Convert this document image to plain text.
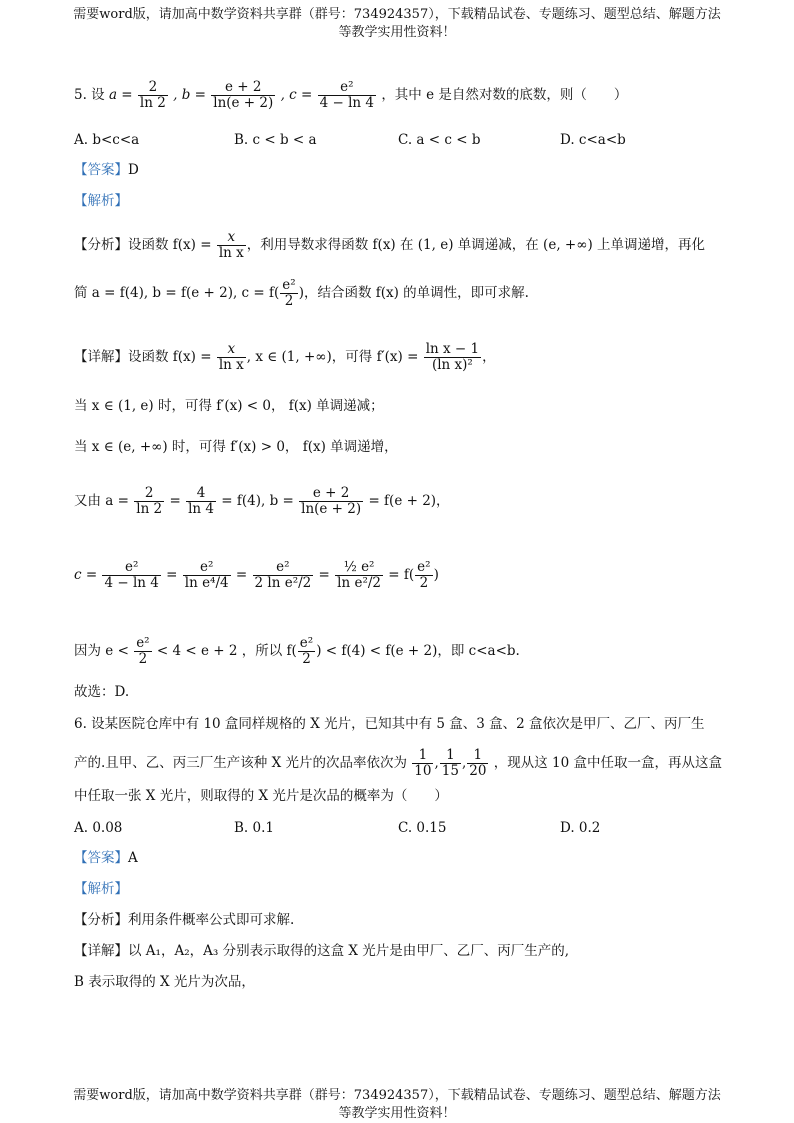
需要word版，请加高中数学资料共享群（群号：734924357），下载精品试卷、专题练习、题型总结、解题方法
等教学实用性资料！
5. 设 $a = \frac{2}{\ln 2}$ , $b = \frac{e + 2}{\ln(e + 2)}$ , $c = \frac{\text{e²}}{4 - \ln 4}$ ，其中 e 是自然对数的底数，则（　　）
A. b<c<a	B. c < b < a	C. a < c < b	D. c<a<b
【答案】D
【解析】
【分析】设函数 $f(x) = \frac{x}{\text{ln x}}$ ，利用导数求得函数 f(x) 在 (1, e) 单调递减，在 (e, +∞) 上单调递增，再化
简 a = f(4), b = f(e + 2), $c = f( \frac{\text{e²}}{2}$ )，结合函数 f(x) 的单调性，即可求解.
【详解】设函数 $f(x) = \frac{x}{\text{ln x}}$ , x ∈ (1, +∞)，可得 $f'(x) = \frac{\text{ln x − 1}}{\text{(ln x)²}}$ ，
当 x ∈ (1, e) 时，可得 f′(x) < 0， f(x) 单调递减；
当 x ∈ (e, +∞) 时，可得 f′(x) > 0， f(x) 单调递增，
又由 $a = \frac{2}{\ln 2} = \frac{4}{\ln 4} = f(4)$, $b = \frac{e + 2}{\ln(e + 2)} = f(e + 2)$，
$c = \frac{\text{e²}}{4 - \ln 4} = \frac{\text{e²}}{\text{ln e⁴/4}} = \frac{\text{e²}}{\text{2 ln e²/2}} = \frac{\text{½ e²}}{\text{ln e²/2}} = f( \frac{\text{e²}}{2}$ )
因为 $e < \frac{\text{e²}}{2} < 4 < e + 2$ ，所以 $f( \frac{\text{e²}}{2}$ ) < f(4) < f(e + 2)，即 c<a<b.
故选：D.
6. 设某医院仓库中有 10 盒同样规格的 X 光片，已知其中有 5 盒、3 盒、2 盒依次是甲厂、乙厂、丙厂生
产的.且甲、乙、丙三厂生产该种 X 光片的次品率依次为 $\frac{1}{10}$ , $\frac{1}{15}$ , $\frac{1}{20}$ ，现从这 10 盒中任取一盒，再从这盒
中任取一张 X 光片，则取得的 X 光片是次品的概率为（　　）
A. 0.08	B. 0.1	C. 0.15	D. 0.2
【答案】A
【解析】
【分析】利用条件概率公式即可求解.
【详解】以 A₁，A₂，A₃ 分别表示取得的这盒 X 光片是由甲厂、乙厂、丙厂生产的,
B 表示取得的 X 光片为次品，
需要word版，请加高中数学资料共享群（群号：734924357），下载精品试卷、专题练习、题型总结、解题方法
等教学实用性资料！
